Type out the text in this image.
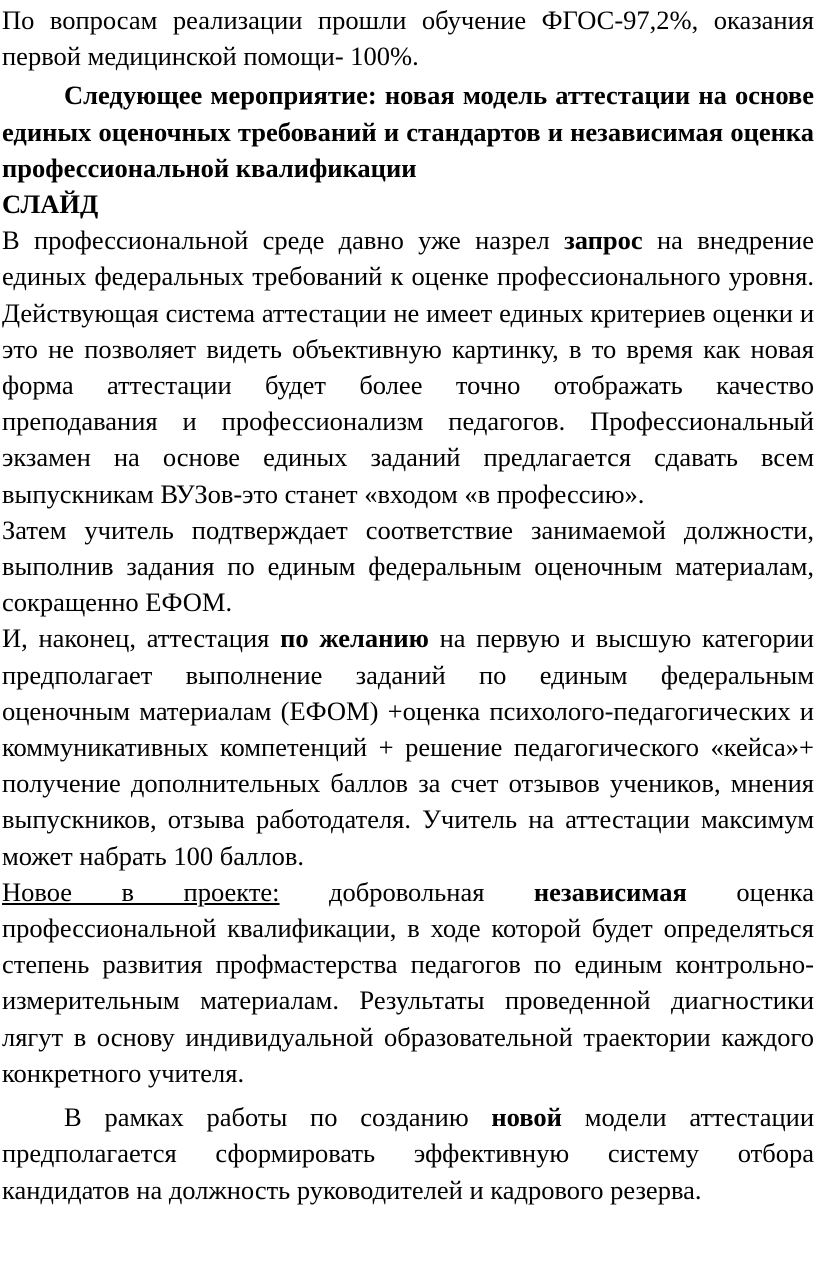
По вопросам реализации прошли обучение ФГОС-97,2%, оказания первой медицинской помощи- 100%.

Следующее мероприятие: новая модель аттестации на основе единых оценочных требований и стандартов и независимая оценка профессиональной квалификации

СЛАЙД

В профессиональной среде давно уже назрел запрос на внедрение единых федеральных требований к оценке профессионального уровня. Действующая система аттестации не имеет единых критериев оценки и это не позволяет видеть объективную картинку, в то время как новая форма аттестации будет более точно отображать качество преподавания и профессионализм педагогов. Профессиональный экзамен на основе единых заданий предлагается сдавать всем выпускникам ВУЗов-это станет «входом «в профессию».

Затем учитель подтверждает соответствие занимаемой должности, выполнив задания по единым федеральным оценочным материалам, сокращенно ЕФОМ.

И, наконец, аттестация по желанию на первую и высшую категории предполагает выполнение заданий по единым федеральным оценочным материалам (ЕФОМ) +оценка психолого-педагогических и коммуникативных компетенций + решение педагогического «кейса»+ получение дополнительных баллов за счет отзывов учеников, мнения выпускников, отзыва работодателя. Учитель на аттестации максимум может набрать 100 баллов.

Новое в проекте: добровольная независимая оценка профессиональной квалификации, в ходе которой будет определяться степень развития профмастерства педагогов по единым контрольно-измерительным материалам. Результаты проведенной диагностики лягут в основу индивидуальной образовательной траектории каждого конкретного учителя.

В рамках работы по созданию новой модели аттестации предполагается сформировать эффективную систему отбора кандидатов на должность руководителей и кадрового резерва.
